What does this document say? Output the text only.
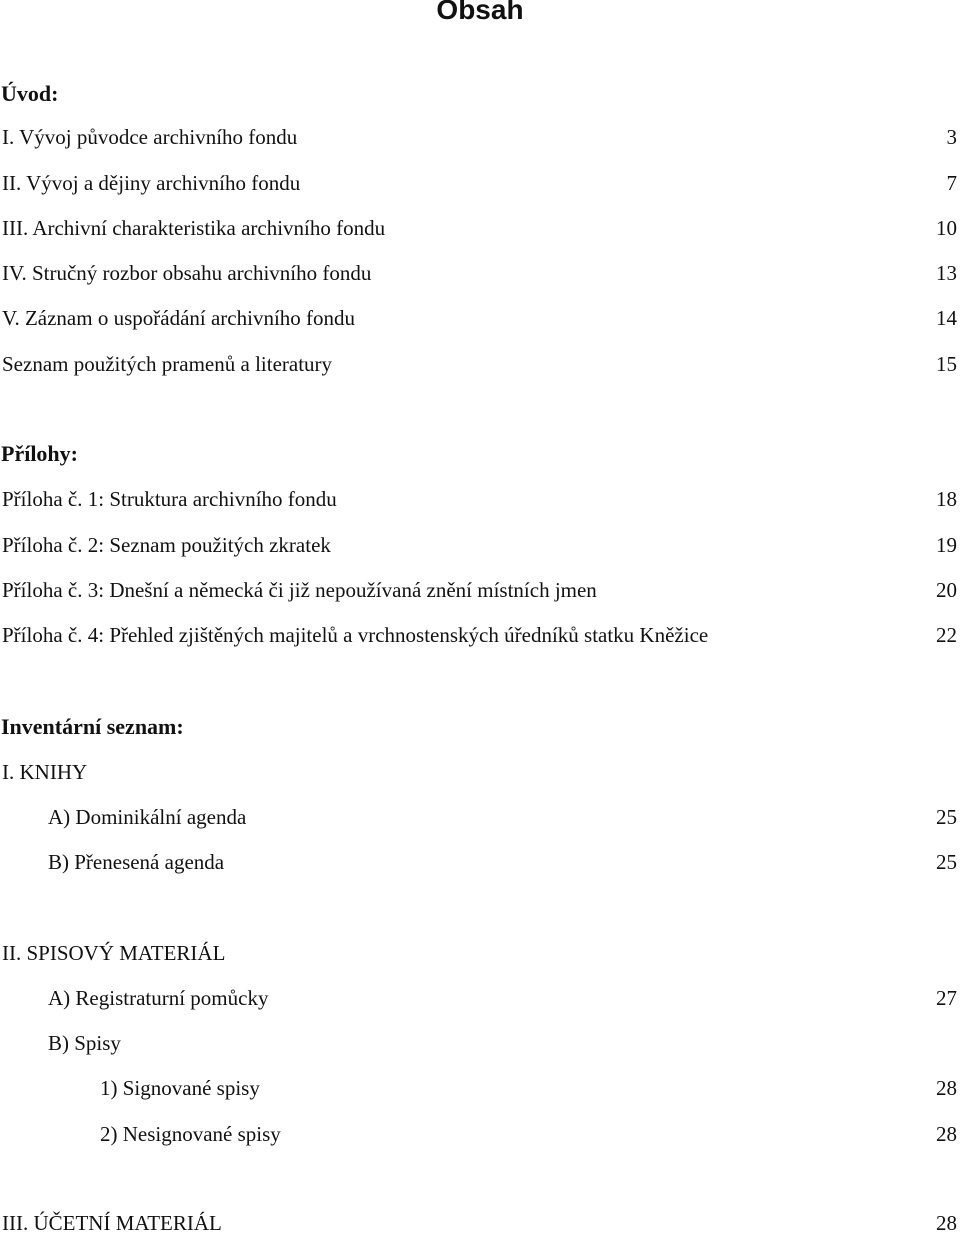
Obsah
Úvod:
I. Vývoj původce archivního fondu	3
II. Vývoj a dějiny archivního fondu	7
III. Archivní charakteristika archivního fondu	10
IV. Stručný rozbor obsahu archivního fondu	13
V. Záznam o uspořádání archivního fondu	14
Seznam použitých pramenů a literatury	15
Přílohy:
Příloha č. 1: Struktura archivního fondu	18
Příloha č. 2: Seznam použitých zkratek	19
Příloha č. 3: Dnešní a německá či již nepoužívaná znění místních jmen	20
Příloha č. 4: Přehled zjištěných majitelů a vrchnostenských úředníků statku Kněžice	22
Inventární seznam:
I. KNIHY
A) Dominikální agenda	25
B) Přenesená agenda	25
II. SPISOVÝ MATERIÁL
A) Registraturní pomůcky	27
B) Spisy
1) Signované spisy	28
2) Nesignované spisy	28
III. ÚČETNÍ MATERIÁL	28
